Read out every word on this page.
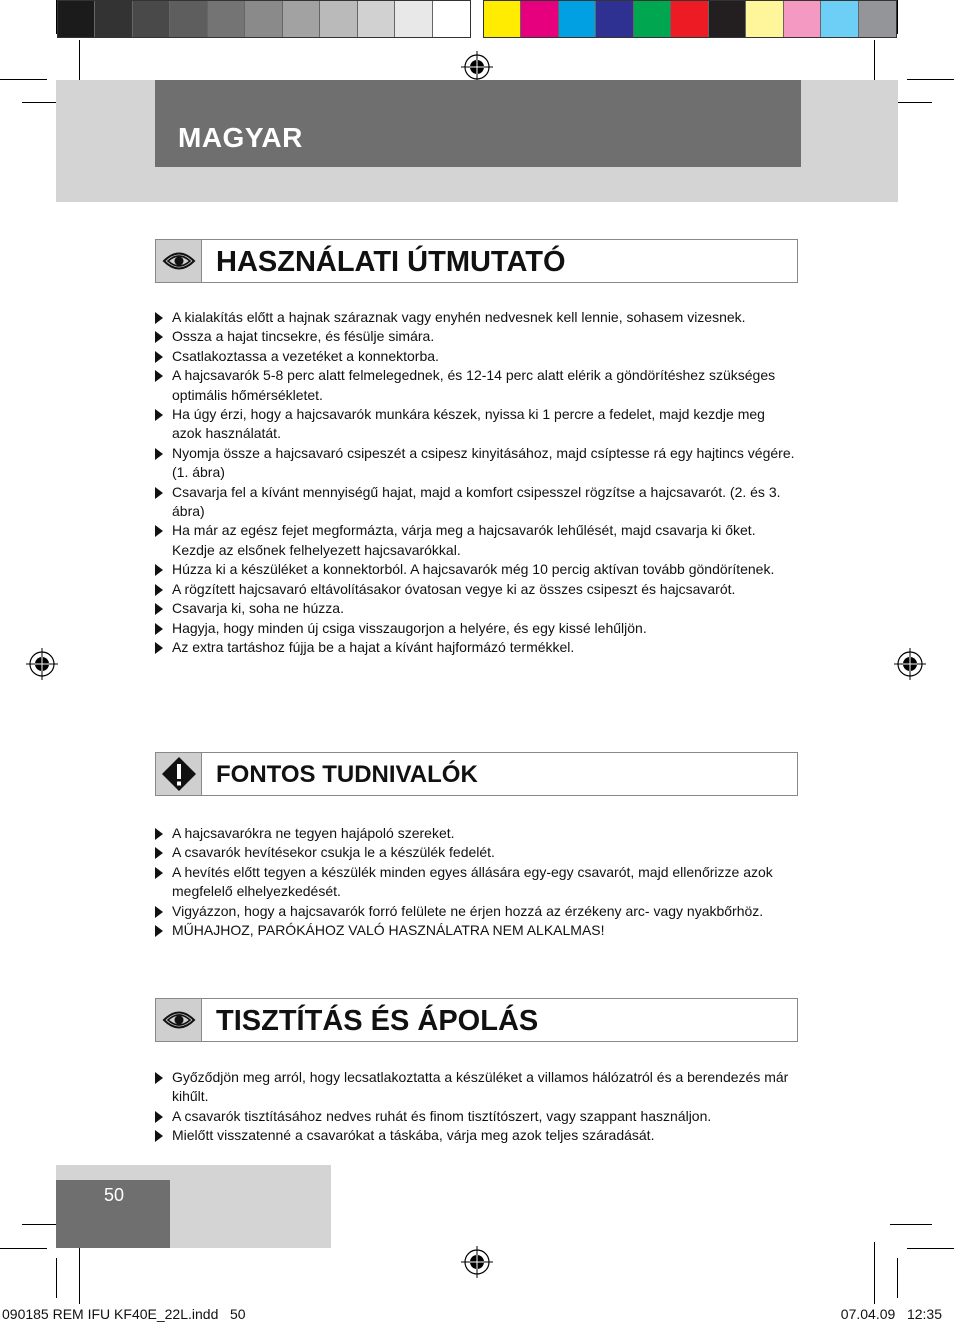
MAGYAR
HASZNÁLATI ÚTMUTATÓ
A kialakítás előtt a hajnak száraznak vagy enyhén nedvesnek kell lennie, sohasem vizesnek.
Ossza a hajat tincsekre, és fésülje simára.
Csatlakoztassa a vezetéket a konnektorba.
A hajcsavarók 5-8 perc alatt felmelegednek, és 12-14 perc alatt elérik a göndörítéshez szükséges optimális hőmérsékletet.
Ha úgy érzi, hogy a hajcsavarók munkára készek, nyissa ki 1 percre a fedelet, majd kezdje meg azok használatát.
Nyomja össze a hajcsavaró csipeszét a csipesz kinyitásához, majd csíptesse rá egy hajtincs végére. (1. ábra)
Csavarja fel a kívánt mennyiségű hajat, majd a komfort csipesszel rögzítse a hajcsavarót. (2. és 3. ábra)
Ha már az egész fejet megformázta, várja meg a hajcsavarók lehűlését, majd csavarja ki őket. Kezdje az elsőnek felhelyezett hajcsavarókkal.
Húzza ki a készüléket a konnektorból. A hajcsavarók még 10 percig aktívan tovább göndörítenek.
A rögzített hajcsavaró eltávolításakor óvatosan vegye ki az összes csipeszt és hajcsavarót.
Csavarja ki, soha ne húzza.
Hagyja, hogy minden új csiga visszaugorjon a helyére, és egy kissé lehűljön.
Az extra tartáshoz fújja be a hajat a kívánt hajformázó termékkel.
FONTOS TUDNIVALÓK
A hajcsavarókra ne tegyen hajápoló szereket.
A csavarók hevítésekor csukja le a készülék fedelét.
A hevítés előtt tegyen a készülék minden egyes állására egy-egy csavarót, majd ellenőrizze azok megfelelő elhelyezkedését.
Vigyázzon, hogy a hajcsavarók forró felülete ne érjen hozzá az érzékeny arc- vagy nyakbőrhöz.
MŰHAJHOZ, PARÓKÁHOZ VALÓ HASZNÁLATRA NEM ALKALMAS!
TISZTÍTÁS ÉS ÁPOLÁS
Győződjön meg arról, hogy lecsatlakoztatta a készüléket a villamos hálózatról és a berendezés már kihűlt.
A csavarók tisztításához nedves ruhát és finom tisztítószert, vagy szappant használjon.
Mielőtt visszatenné a csavarókat a táskába, várja meg azok teljes száradását.
50
090185 REM IFU KF40E_22L.indd   50	07.04.09   12:35
